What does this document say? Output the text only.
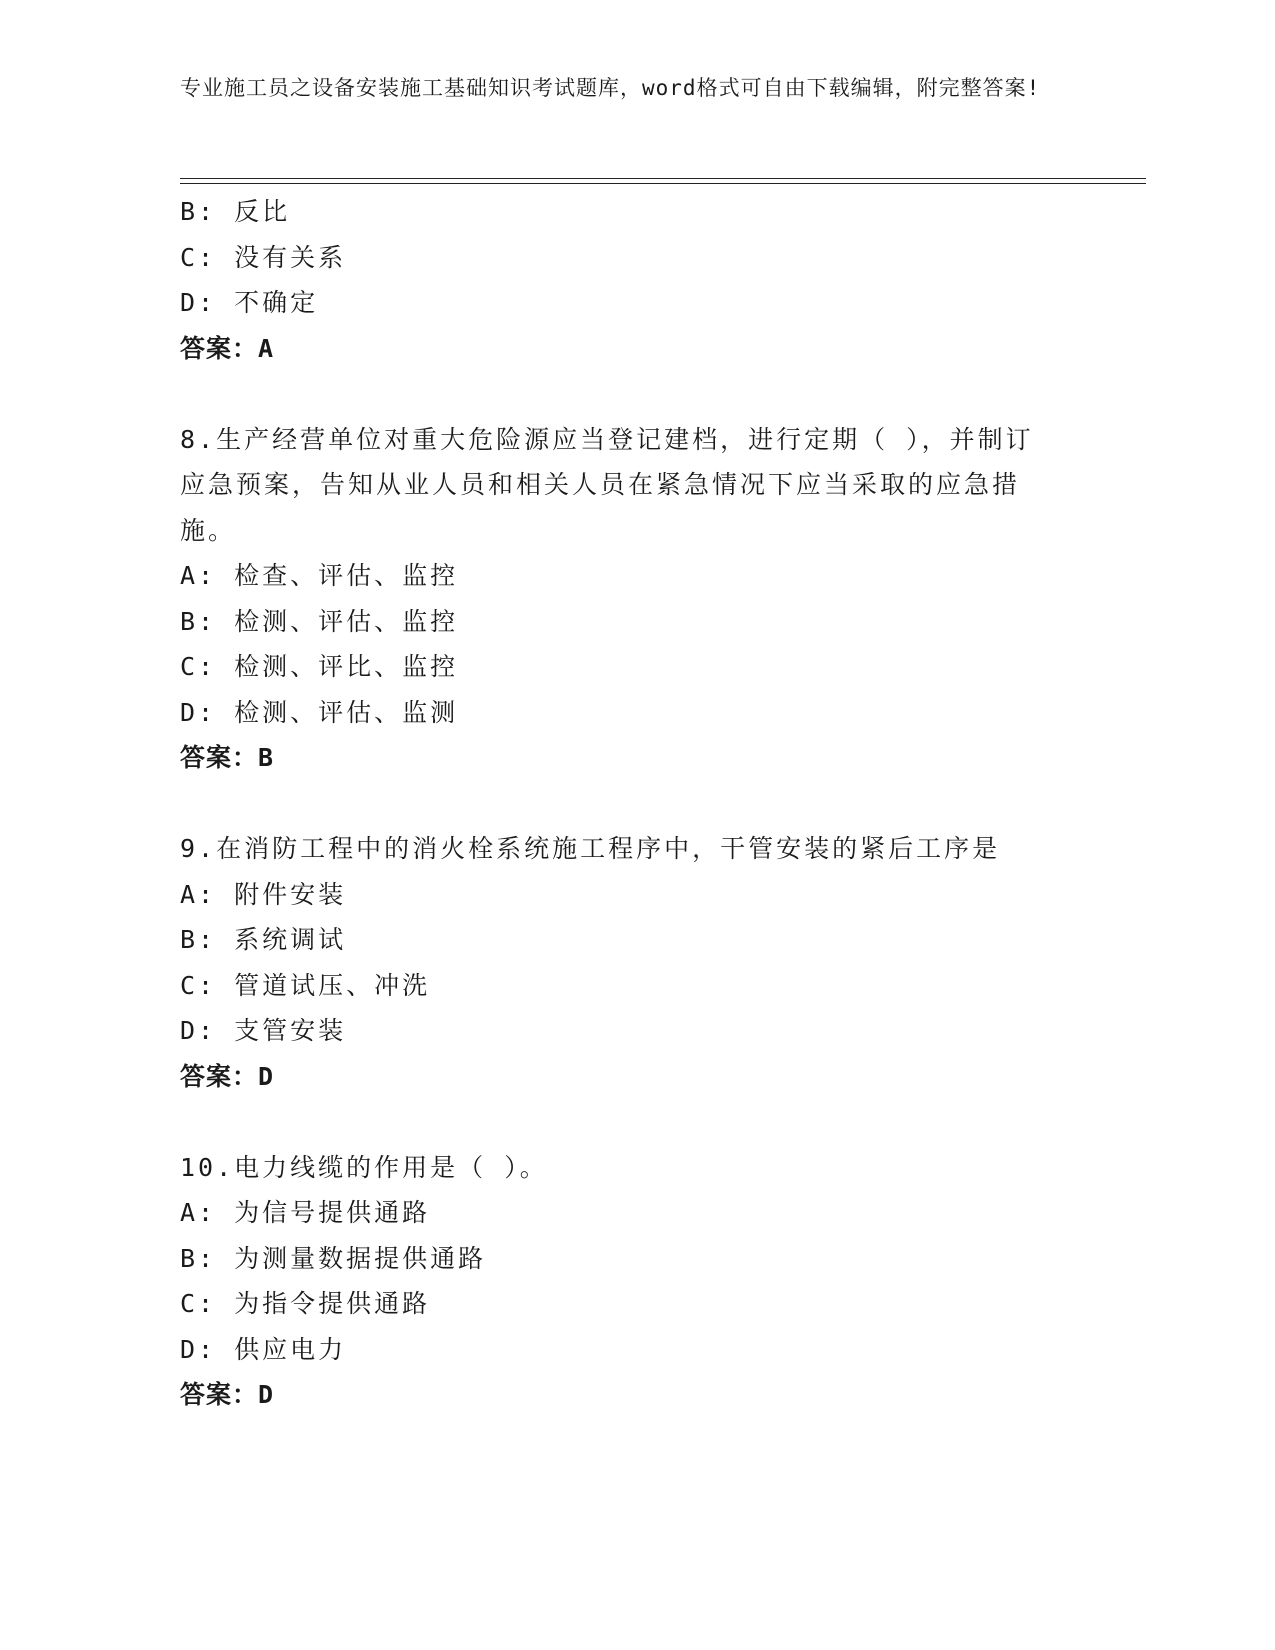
专业施工员之设备安装施工基础知识考试题库，word格式可自由下载编辑，附完整答案!
B: 反比
C: 没有关系
D: 不确定
答案：A
8.生产经营单位对重大危险源应当登记建档，进行定期（ ），并制订
应急预案，告知从业人员和相关人员在紧急情况下应当采取的应急措
施。
A: 检查、评估、监控
B: 检测、评估、监控
C: 检测、评比、监控
D: 检测、评估、监测
答案：B
9.在消防工程中的消火栓系统施工程序中，干管安装的紧后工序是
A: 附件安装
B: 系统调试
C: 管道试压、冲洗
D: 支管安装
答案：D
10.电力线缆的作用是（ ）。
A: 为信号提供通路
B: 为测量数据提供通路
C: 为指令提供通路
D: 供应电力
答案：D
